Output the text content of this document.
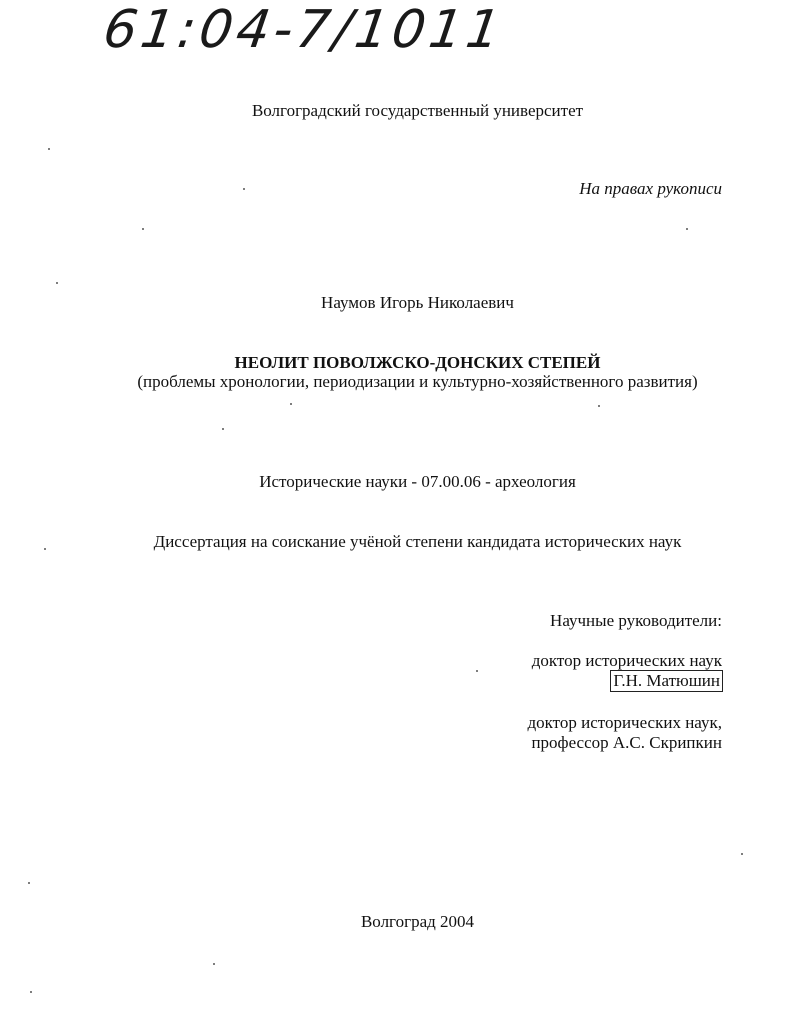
61:04-7/1011
Волгоградский государственный университет
На правах рукописи
Наумов Игорь Николаевич
НЕОЛИТ ПОВОЛЖСКО-ДОНСКИХ СТЕПЕЙ
(проблемы хронологии, периодизации и культурно-хозяйственного развития)
Исторические науки - 07.00.06 - археология
Диссертация на соискание учёной степени кандидата исторических наук
Научные руководители:
доктор исторических наук
Г.Н. Матюшин
доктор исторических наук,
профессор А.С. Скрипкин
Волгоград 2004
